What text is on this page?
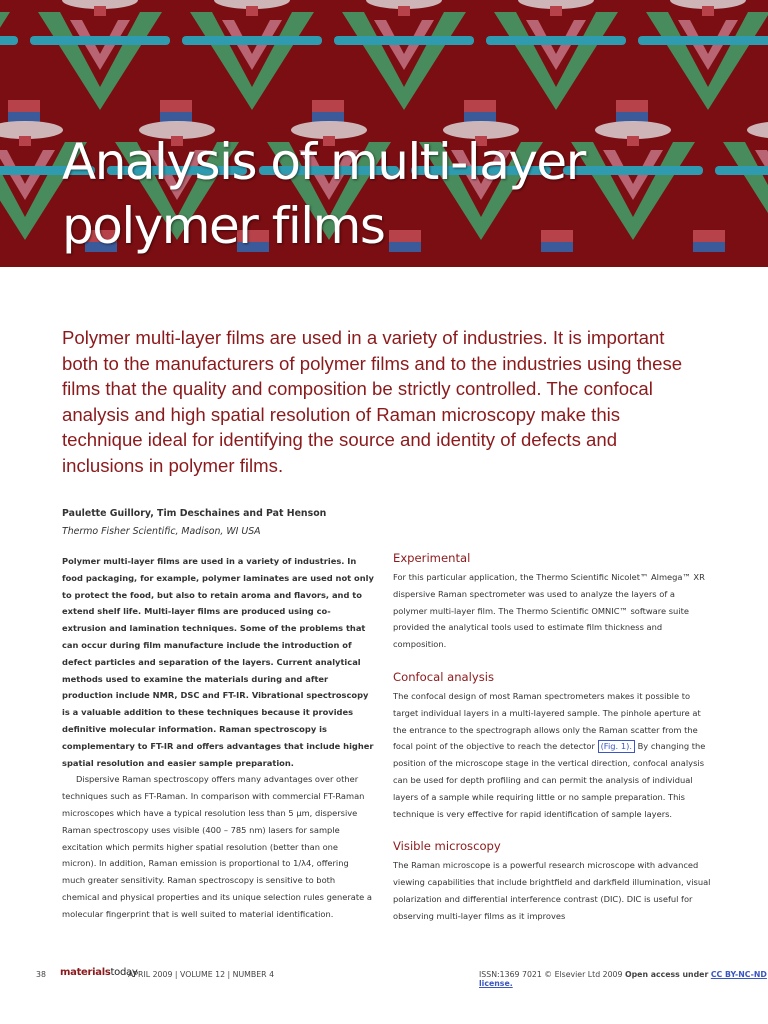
Analysis of multi-layer
polymer films

Polymer multi-layer films are used in a variety of industries. It is important both to the manufacturers of polymer films and to the industries using these films that the quality and composition be strictly controlled. The confocal analysis and high spatial resolution of Raman microscopy make this technique ideal for identifying the source and identity of defects and inclusions in polymer films.

Paulette Guillory, Tim Deschaines and Pat Henson

Thermo Fisher Scientific, Madison, WI USA

Polymer multi-layer films are used in a variety of industries. In food packaging, for example, polymer laminates are used not only to protect the food, but also to retain aroma and flavors, and to extend shelf life. Multi-layer films are produced using co-extrusion and lamination techniques. Some of the problems that can occur during film manufacture include the introduction of defect particles and separation of the layers. Current analytical methods used to examine the materials during and after production include NMR, DSC and FT-IR. Vibrational spectroscopy is a valuable addition to these techniques because it provides definitive molecular information. Raman spectroscopy is complementary to FT-IR and offers advantages that include higher spatial resolution and easier sample preparation.

Dispersive Raman spectroscopy offers many advantages over other techniques such as FT-Raman. In comparison with commercial FT-Raman microscopes which have a typical resolution less than 5 µm, dispersive Raman spectroscopy uses visible (400 – 785 nm) lasers for sample excitation which permits higher spatial resolution (better than one micron). In addition, Raman emission is proportional to 1/λ4, offering much greater sensitivity. Raman spectroscopy is sensitive to both chemical and physical properties and its unique selection rules generate a molecular fingerprint that is well suited to material identification.

Experimental

For this particular application, the Thermo Scientific Nicolet™ Almega™ XR dispersive Raman spectrometer was used to analyze the layers of a polymer multi-layer film. The Thermo Scientific OMNIC™ software suite provided the analytical tools used to estimate film thickness and composition.

Confocal analysis

The confocal design of most Raman spectrometers makes it possible to target individual layers in a multi-layered sample. The pinhole aperture at the entrance to the spectrograph allows only the Raman scatter from the focal point of the objective to reach the detector (Fig. 1). By changing the position of the microscope stage in the vertical direction, confocal analysis can be used for depth profiling and can permit the analysis of individual layers of a sample while requiring little or no sample preparation. This technique is very effective for rapid identification of sample layers.

Visible microscopy

The Raman microscope is a powerful research microscope with advanced viewing capabilities that include brightfield and darkfield illumination, visual polarization and differential interference contrast (DIC). DIC is useful for observing multi-layer films as it improves

38 materialstoday
APRIL 2009 | VOLUME 12 | NUMBER 4	ISSN:1369 7021 © Elsevier Ltd 2009 Open access under CC BY-NC-ND license.
